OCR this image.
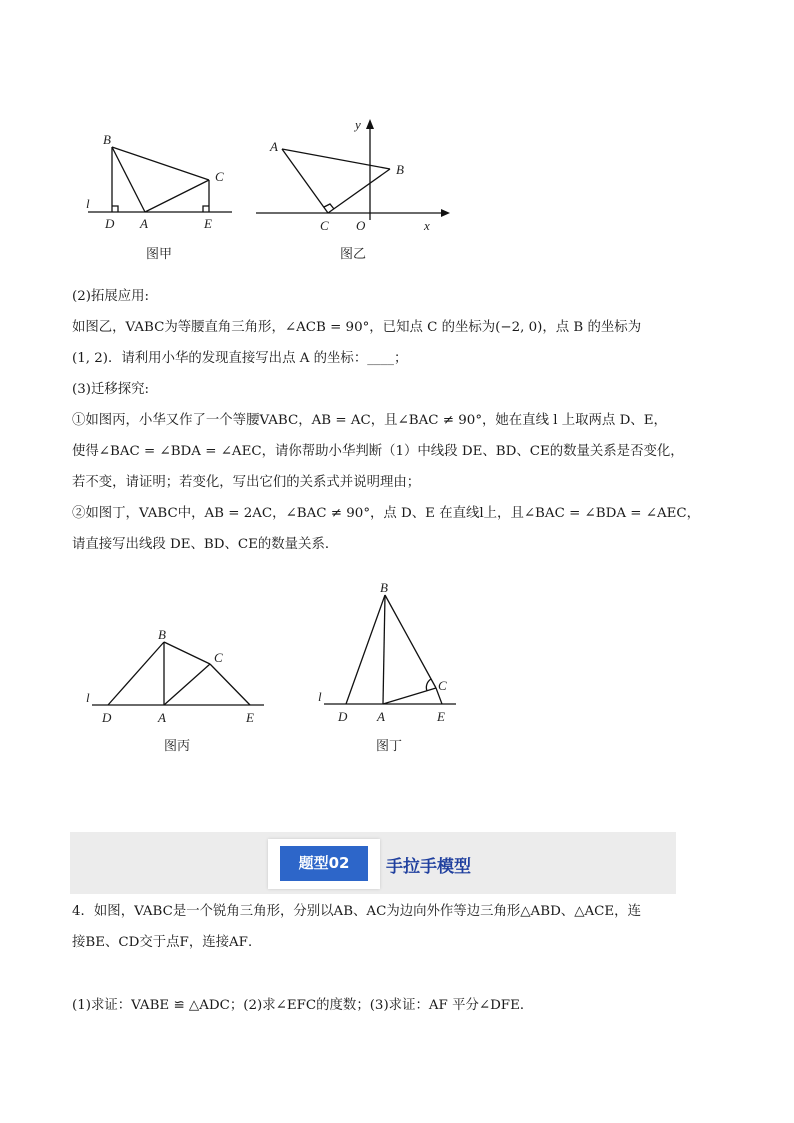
B
C
l
D A	E
图甲
y
A
B
C O	x
图乙
(2)拓展应用:
如图乙，VABC为等腰直角三角形，∠ACB = 90°，已知点 C 的坐标为(−2, 0)，点 B 的坐标为
(1, 2)．请利用小华的发现直接写出点 A 的坐标：____；
(3)迁移探究:
①如图丙，小华又作了一个等腰VABC，AB = AC，且∠BAC ≠ 90°，她在直线 l 上取两点 D、E，
使得∠BAC = ∠BDA = ∠AEC，请你帮助小华判断（1）中线段 DE、BD、CE的数量关系是否变化，
若不变，请证明；若变化，写出它们的关系式并说明理由；
②如图丁，VABC中，AB = 2AC，∠BAC ≠ 90°，点 D、E 在直线l上，且∠BAC = ∠BDA = ∠AEC，
请直接写出线段 DE、BD、CE的数量关系．
B
C
l
D	A	E
图丙
B
C
l
D A	E
图丁
题型02	手拉手模型
4．如图，VABC是一个锐角三角形，分别以AB、AC为边向外作等边三角形△ABD、△ACE，连
接BE、CD交于点F，连接AF．
(1)求证：VABE ≌ △ADC；(2)求∠EFC的度数；(3)求证：AF 平分∠DFE．
